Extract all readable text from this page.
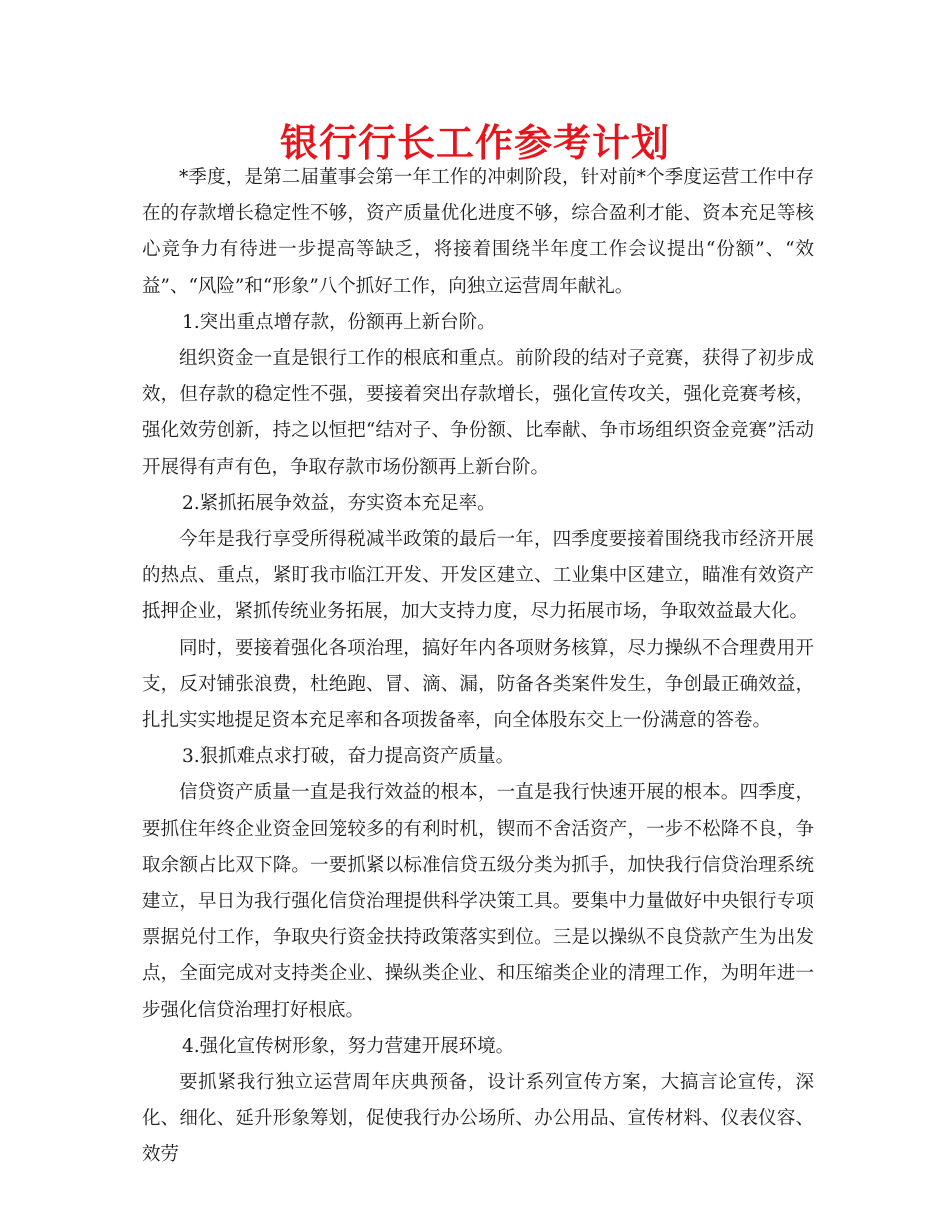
银行行长工作参考计划

*季度，是第二届董事会第一年工作的冲刺阶段，针对前*个季度运营工作中存在的存款增长稳定性不够，资产质量优化进度不够，综合盈利才能、资本充足等核心竞争力有待进一步提高等缺乏，将接着围绕半年度工作会议提出“份额”、“效益”、“风险”和“形象”八个抓好工作，向独立运营周年献礼。

1.突出重点增存款，份额再上新台阶。

组织资金一直是银行工作的根底和重点。前阶段的结对子竞赛，获得了初步成效，但存款的稳定性不强，要接着突出存款增长，强化宣传攻关，强化竞赛考核，强化效劳创新，持之以恒把“结对子、争份额、比奉献、争市场组织资金竞赛”活动开展得有声有色，争取存款市场份额再上新台阶。

2.紧抓拓展争效益，夯实资本充足率。

今年是我行享受所得税减半政策的最后一年，四季度要接着围绕我市经济开展的热点、重点，紧盯我市临江开发、开发区建立、工业集中区建立，瞄准有效资产抵押企业，紧抓传统业务拓展，加大支持力度，尽力拓展市场，争取效益最大化。

同时，要接着强化各项治理，搞好年内各项财务核算，尽力操纵不合理费用开支，反对铺张浪费，杜绝跑、冒、滴、漏，防备各类案件发生，争创最正确效益，扎扎实实地提足资本充足率和各项拨备率，向全体股东交上一份满意的答卷。

3.狠抓难点求打破，奋力提高资产质量。

信贷资产质量一直是我行效益的根本，一直是我行快速开展的根本。四季度，要抓住年终企业资金回笼较多的有利时机，锲而不舍活资产，一步不松降不良，争取余额占比双下降。一要抓紧以标准信贷五级分类为抓手，加快我行信贷治理系统建立，早日为我行强化信贷治理提供科学决策工具。要集中力量做好中央银行专项票据兑付工作，争取央行资金扶持政策落实到位。三是以操纵不良贷款产生为出发点，全面完成对支持类企业、操纵类企业、和压缩类企业的清理工作，为明年进一步强化信贷治理打好根底。

4.强化宣传树形象，努力营建开展环境。

要抓紧我行独立运营周年庆典预备，设计系列宣传方案，大搞言论宣传，深化、细化、延升形象筹划，促使我行办公场所、办公用品、宣传材料、仪表仪容、效劳
